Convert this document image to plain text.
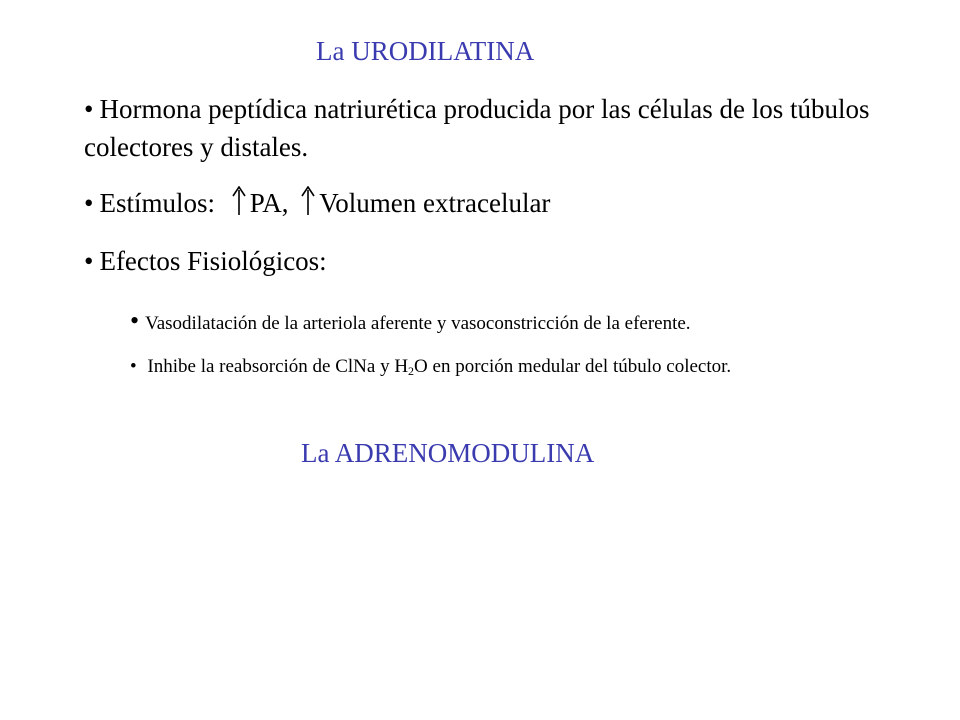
La URODILATINA
• Hormona peptídica natriurética producida por las células de los túbulos colectores y distales.
• Estímulos: PA, Volumen extracelular
• Efectos Fisiológicos:
• Vasodilatación de la arteriola aferente y vasoconstricción de la eferente.
• Inhibe la reabsorción de ClNa y $H_2O$ en porción medular del túbulo colector.
La ADRENOMODULINA
